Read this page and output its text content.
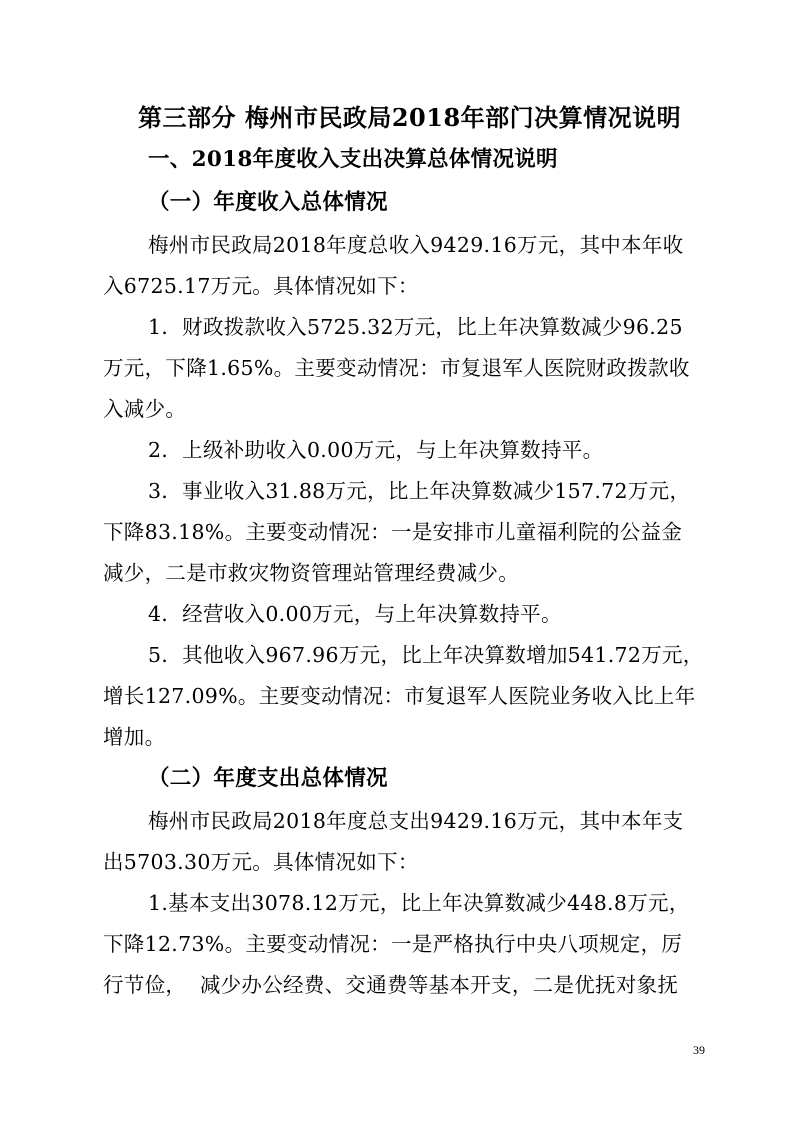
第三部分 梅州市民政局2018年部门决算情况说明
一、2018年度收入支出决算总体情况说明
（一）年度收入总体情况
梅州市民政局2018年度总收入9429.16万元，其中本年收
入6725.17万元。具体情况如下：
1．财政拨款收入5725.32万元，比上年决算数减少96.25
万元，下降1.65%。主要变动情况：市复退军人医院财政拨款收
入减少。
2．上级补助收入0.00万元，与上年决算数持平。
3．事业收入31.88万元，比上年决算数减少157.72万元，
下降83.18%。主要变动情况：一是安排市儿童福利院的公益金
减少，二是市救灾物资管理站管理经费减少。
4．经营收入0.00万元，与上年决算数持平。
5．其他收入967.96万元，比上年决算数增加541.72万元，
增长127.09%。主要变动情况：市复退军人医院业务收入比上年
增加。
（二）年度支出总体情况
梅州市民政局2018年度总支出9429.16万元，其中本年支
出5703.30万元。具体情况如下：
1.基本支出3078.12万元，比上年决算数减少448.8万元，
下降12.73%。主要变动情况：一是严格执行中央八项规定，厉
行节俭，  减少办公经费、交通费等基本开支，二是优抚对象抚
39
